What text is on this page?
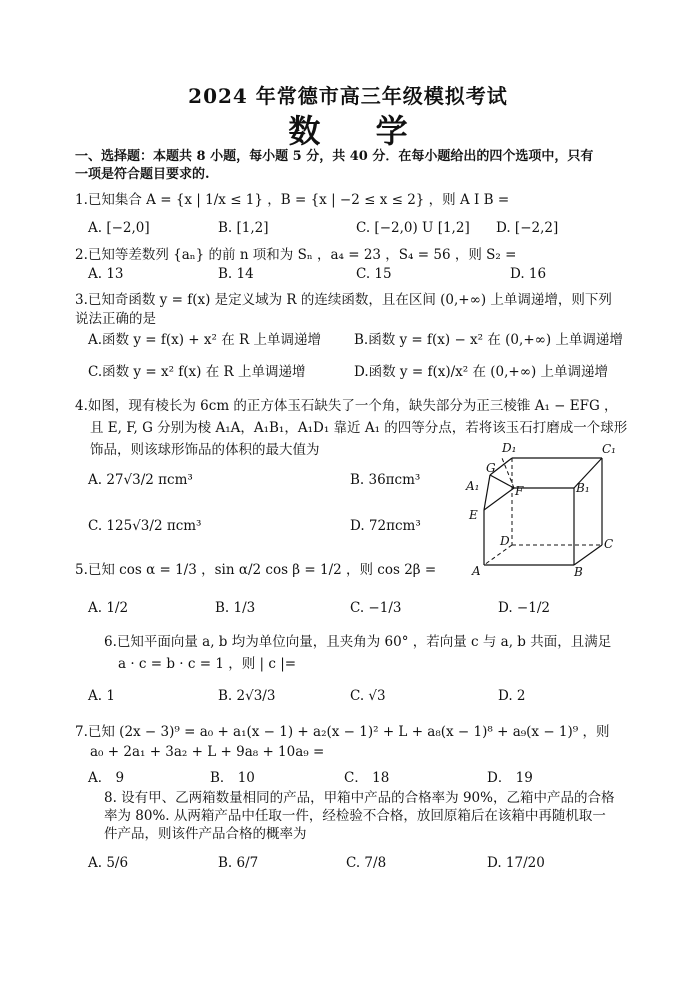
2024 年常德市高三年级模拟考试
数 学
一、选择题：本题共 8 小题，每小题 5 分，共 40 分．在每小题给出的四个选项中，只有
一项是符合题目要求的.
1.已知集合 A = {x | 1/x ≤ 1} ，B = {x | −2 ≤ x ≤ 2} ，则 A I B =
A. [−2,0]	B. [1,2]	C. [−2,0) U [1,2] D. [−2,2]
2.已知等差数列 {aₙ} 的前 n 项和为 Sₙ ，a₄ = 23 ，S₄ = 56 ，则 S₂ =
A. 13	B. 14	C. 15	D. 16
3.已知奇函数 y = f(x) 是定义域为 R 的连续函数，且在区间 (0,+∞) 上单调递增，则下列
说法正确的是
A.函数 y = f(x) + x² 在 R 上单调递增 B.函数 y = f(x) − x² 在 (0,+∞) 上单调递增
C.函数 y = x² f(x) 在 R 上单调递增	D.函数 y = f(x)/x² 在 (0,+∞) 上单调递增
4.如图，现有棱长为 6cm 的正方体玉石缺失了一个角，缺失部分为正三棱锥 A₁ − EFG ，
且 E, F, G 分别为棱 A₁A，A₁B₁，A₁D₁ 靠近 A₁ 的四等分点，若将该玉石打磨成一个球形
饰品，则该球形饰品的体积的最大值为
A. 27√3/2 πcm³	B. 36πcm³
C. 125√3/2 πcm³	D. 72πcm³
D₁	C₁
G
A₁	F	B₁
E
D	C
A	B
5.已知 cos α = 1/3 ，sin α/2 cos β = 1/2 ，则 cos 2β =
A. 1/2	B. 1/3	C. −1/3	D. −1/2
6.已知平面向量 a, b 均为单位向量，且夹角为 60° ，若向量 c 与 a, b 共面，且满足
a · c = b · c = 1 ，则 | c |=
A. 1	B. 2√3/3	C. √3	D. 2
7.已知 (2x − 3)⁹ = a₀ + a₁(x − 1) + a₂(x − 1)² + L + a₈(x − 1)⁸ + a₉(x − 1)⁹ ，则
a₀ + 2a₁ + 3a₂ + L + 9a₈ + 10a₉ =
A． 9	B． 10	C． 18	D． 19
8. 设有甲、乙两箱数量相同的产品，甲箱中产品的合格率为 90%，乙箱中产品的合格
率为 80%. 从两箱产品中任取一件，经检验不合格，放回原箱后在该箱中再随机取一
件产品，则该件产品合格的概率为
A. 5/6	B. 6/7	C. 7/8	D. 17/20
